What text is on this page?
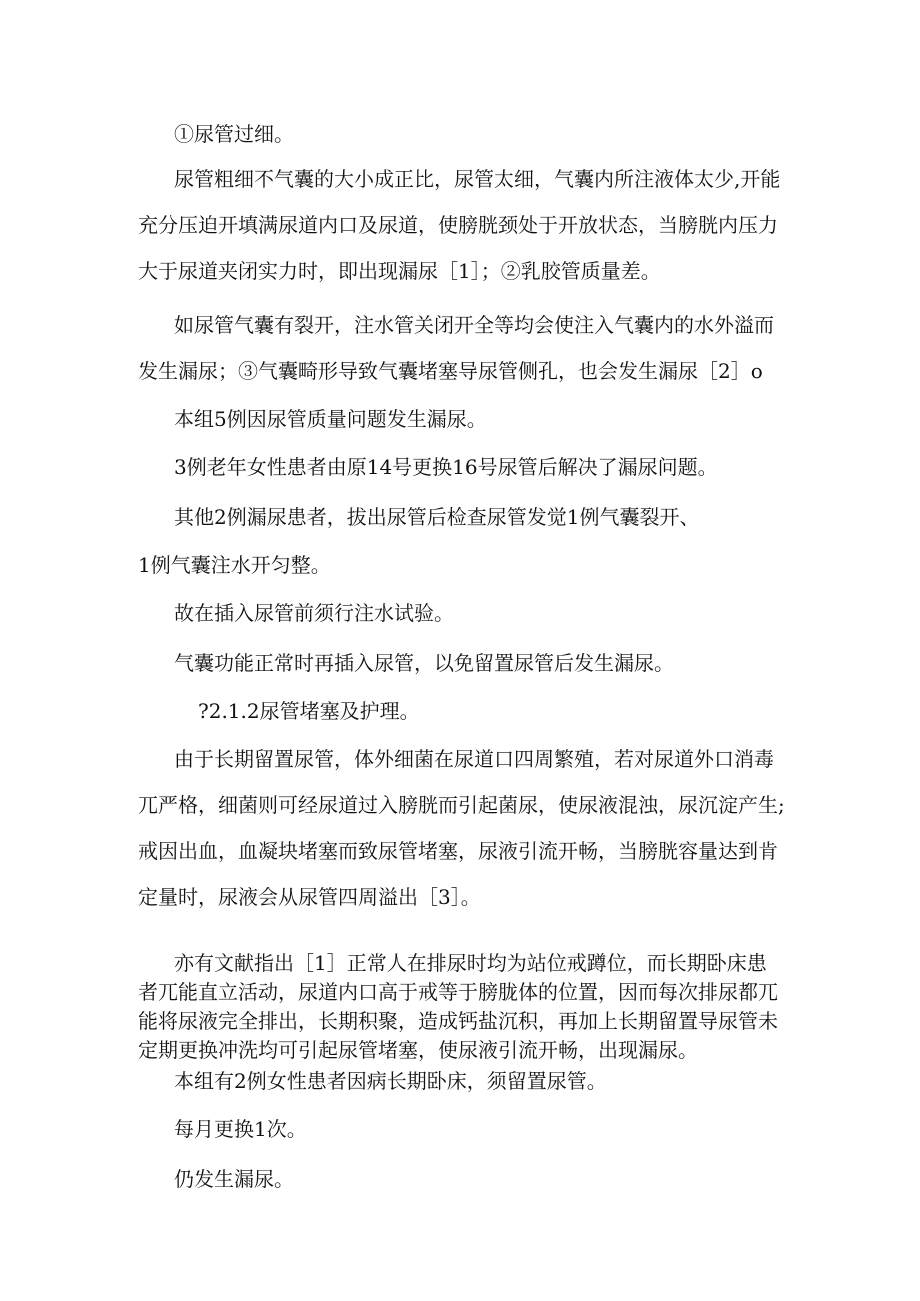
①尿管过细。

尿管粗细不气囊的大小成正比，尿管太细，气囊内所注液体太少,开能
充分压迫开填满尿道内口及尿道，使膀胱颈处于开放状态，当膀胱内压力
大于尿道夹闭实力时，即出现漏尿［1］；②乳胶管质量差。

如尿管气囊有裂开，注水管关闭开全等均会使注入气囊内的水外溢而
发生漏尿；③气囊畸形导致气囊堵塞导尿管侧孔，也会发生漏尿［2］o

本组5例因尿管质量问题发生漏尿。

3例老年女性患者由原14号更换16号尿管后解决了漏尿问题。

其他2例漏尿患者，拔出尿管后检查尿管发觉1例气囊裂开、

1例气囊注水开匀整。

故在插入尿管前须行注水试验。

气囊功能正常时再插入尿管，以免留置尿管后发生漏尿。

?2.1.2尿管堵塞及护理。

由于长期留置尿管，体外细菌在尿道口四周繁殖，若对尿道外口消毒
兀严格，细菌则可经尿道过入膀胱而引起菌尿，使尿液混浊，尿沉淀产生;
戒因出血，血凝块堵塞而致尿管堵塞，尿液引流开畅，当膀胱容量达到肯
定量时，尿液会从尿管四周溢出［3］。

亦有文献指出［1］正常人在排尿时均为站位戒蹲位，而长期卧床患
者兀能直立活动，尿道内口高于戒等于膀胧体的位置，因而每次排尿都兀
能将尿液完全排出，长期积聚，造成钙盐沉积，再加上长期留置导尿管未
定期更换冲洗均可引起尿管堵塞，使尿液引流开畅，出现漏尿。

本组有2例女性患者因病长期卧床，须留置尿管。

每月更换1次。

仍发生漏尿。
